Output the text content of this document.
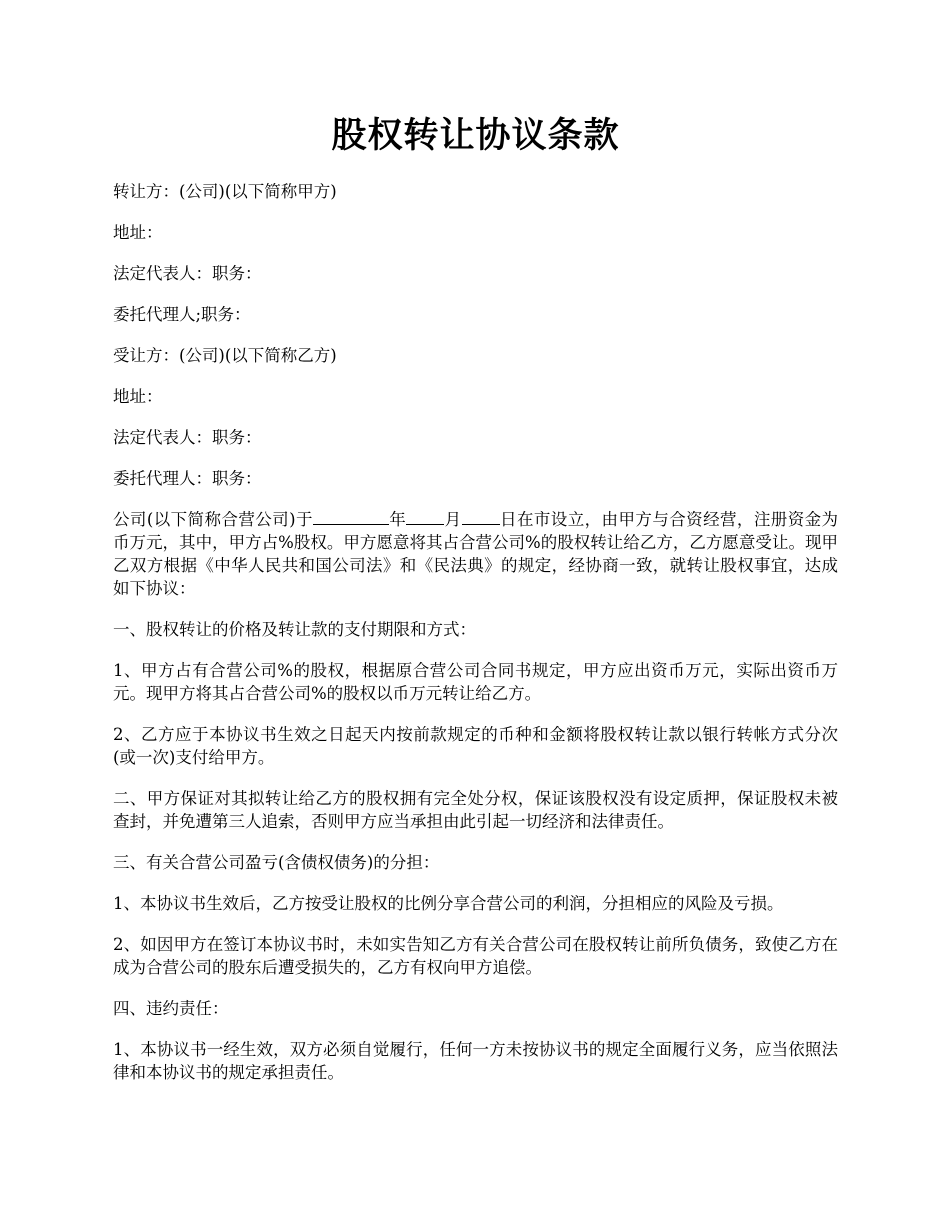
股权转让协议条款

转让方：(公司)(以下简称甲方)

地址：

法定代表人：职务：

委托代理人;职务：

受让方：(公司)(以下简称乙方)

地址：

法定代表人：职务：

委托代理人：职务：

公司(以下简称合营公司)于	年 月 日在市设立，由甲方与合资经营，注册资金为币万元，其中，甲方占%股权。甲方愿意将其占合营公司%的股权转让给乙方，乙方愿意受让。现甲乙双方根据《中华人民共和国公司法》和《民法典》的规定，经协商一致，就转让股权事宜，达成如下协议：

一、股权转让的价格及转让款的支付期限和方式：

1、甲方占有合营公司%的股权，根据原合营公司合同书规定，甲方应出资币万元，实际出资币万元。现甲方将其占合营公司%的股权以币万元转让给乙方。

2、乙方应于本协议书生效之日起天内按前款规定的币种和金额将股权转让款以银行转帐方式分次(或一次)支付给甲方。

二、甲方保证对其拟转让给乙方的股权拥有完全处分权，保证该股权没有设定质押，保证股权未被查封，并免遭第三人追索，否则甲方应当承担由此引起一切经济和法律责任。

三、有关合营公司盈亏(含债权债务)的分担：

1、本协议书生效后，乙方按受让股权的比例分享合营公司的利润，分担相应的风险及亏损。

2、如因甲方在签订本协议书时，未如实告知乙方有关合营公司在股权转让前所负债务，致使乙方在成为合营公司的股东后遭受损失的，乙方有权向甲方追偿。

四、违约责任：

1、本协议书一经生效，双方必须自觉履行，任何一方未按协议书的规定全面履行义务，应当依照法律和本协议书的规定承担责任。
